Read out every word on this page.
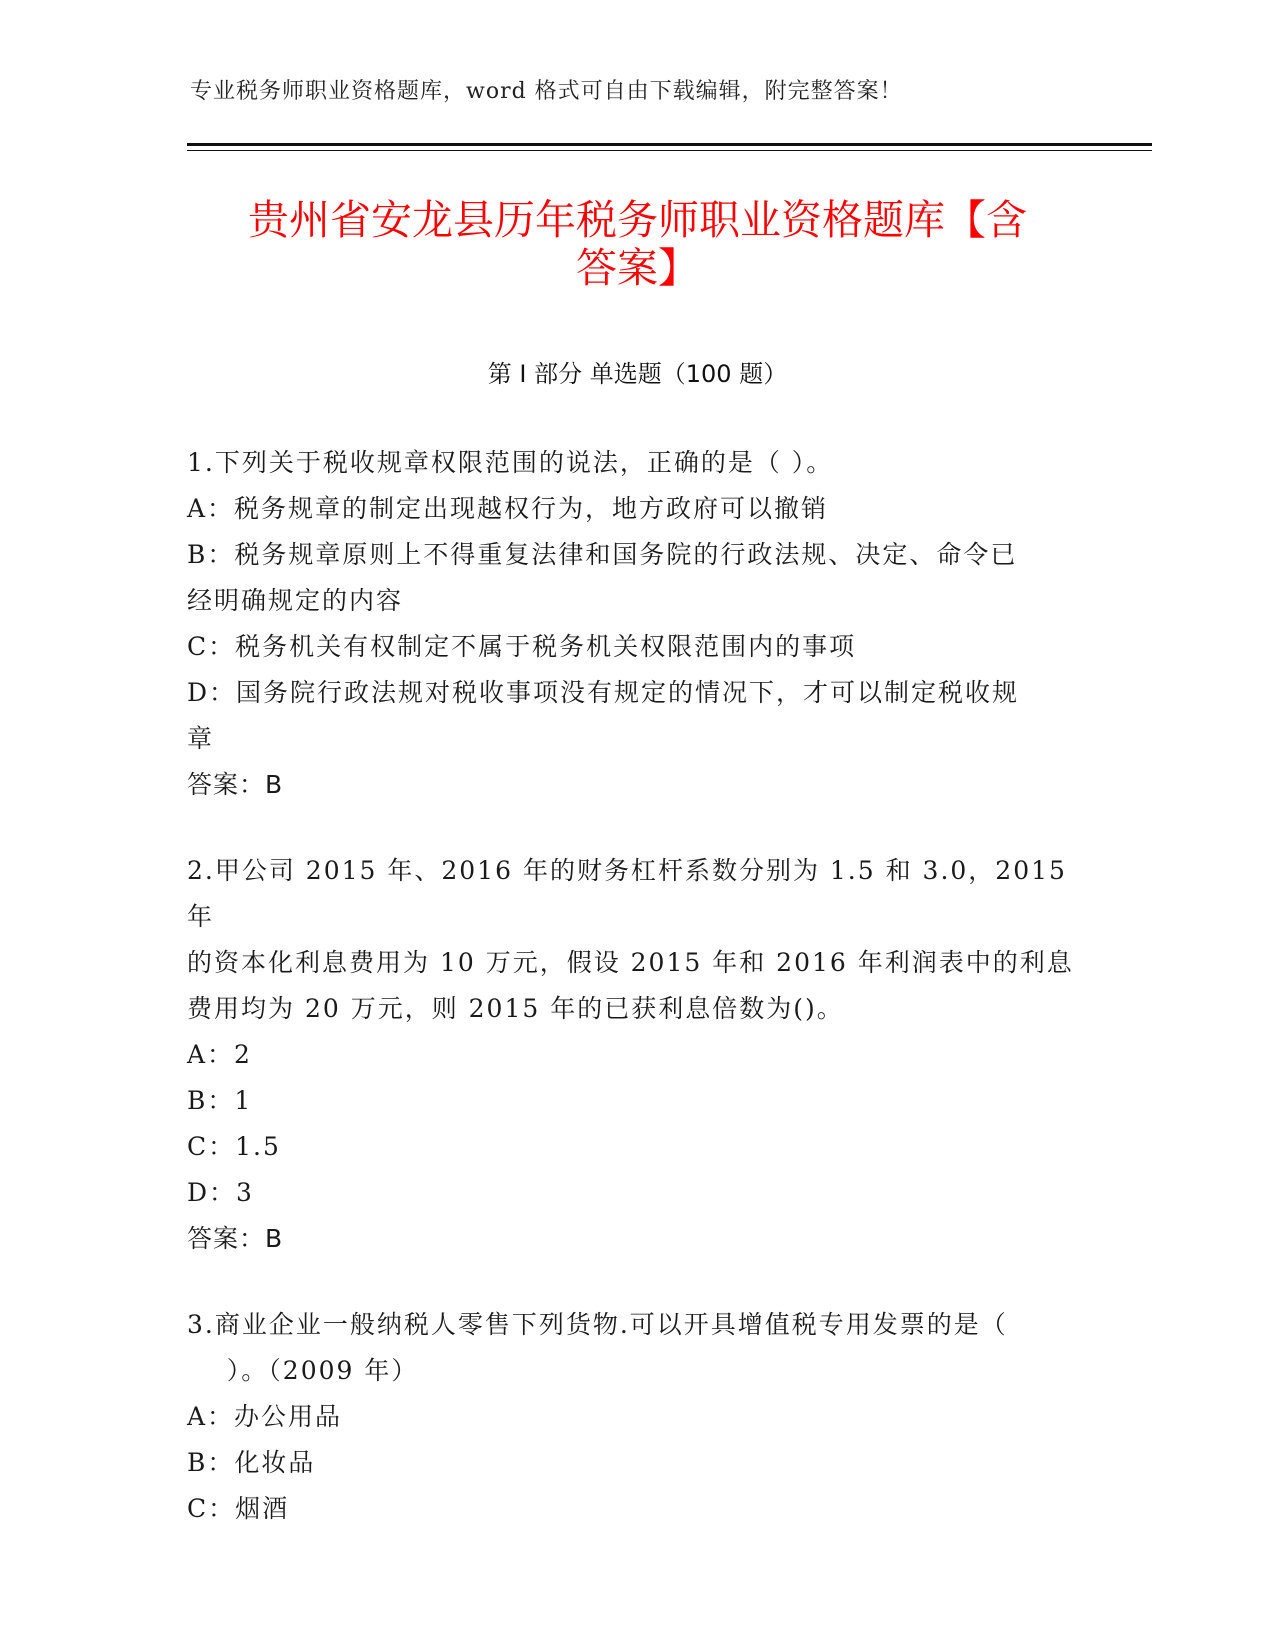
专业税务师职业资格题库，word 格式可自由下载编辑，附完整答案！
贵州省安龙县历年税务师职业资格题库【含
答案】
第 I 部分 单选题（100 题）
1.下列关于税收规章权限范围的说法，正确的是（ ）。
A：税务规章的制定出现越权行为，地方政府可以撤销
B：税务规章原则上不得重复法律和国务院的行政法规、决定、命令已
经明确规定的内容
C：税务机关有权制定不属于税务机关权限范围内的事项
D：国务院行政法规对税收事项没有规定的情况下，才可以制定税收规
章
答案：B
2.甲公司 2015 年、2016 年的财务杠杆系数分别为 1.5 和 3.0，2015 年
的资本化利息费用为 10 万元，假设 2015 年和 2016 年利润表中的利息
费用均为 20 万元，则 2015 年的已获利息倍数为()。
A：2
B：1
C：1.5
D：3
答案：B
3.商业企业一般纳税人零售下列货物.可以开具增值税专用发票的是（
）。（2009 年）
A：办公用品
B：化妆品
C：烟酒
